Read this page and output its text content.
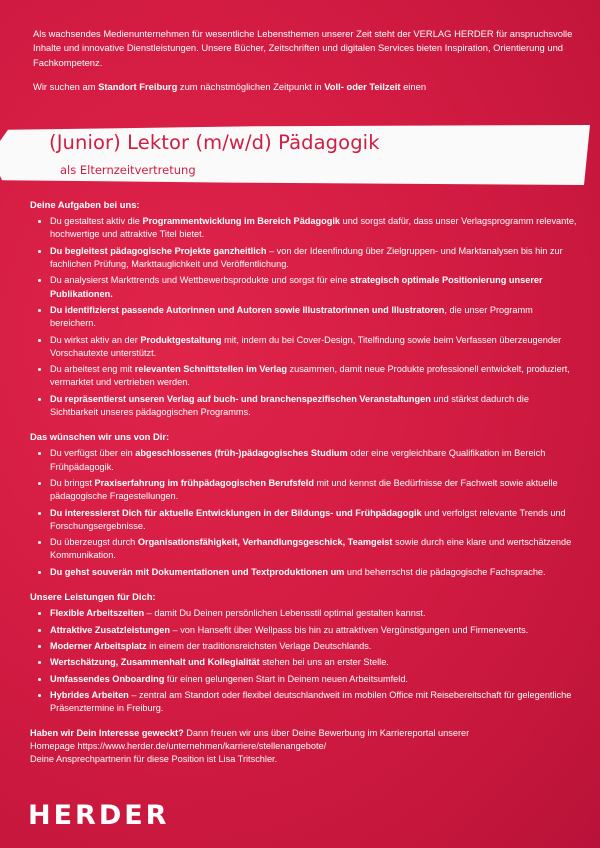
Als wachsendes Medienunternehmen für wesentliche Lebensthemen unserer Zeit steht der VERLAG HERDER für anspruchsvolle Inhalte und innovative Dienstleistungen. Unsere Bücher, Zeitschriften und digitalen Services bieten Inspiration, Orientierung und Fachkompetenz.

Wir suchen am Standort Freiburg zum nächstmöglichen Zeitpunkt in Voll- oder Teilzeit einen

(Junior) Lektor (m/w/d) Pädagogik
als Elternzeitvertretung
Deine Aufgaben bei uns:
• Du gestaltest aktiv die Programmentwicklung im Bereich Pädagogik und sorgst dafür, dass unser Verlagsprogramm relevante, hochwertige und attraktive Titel bietet.
• Du begleitest pädagogische Projekte ganzheitlich – von der Ideenfindung über Zielgruppen- und Marktanalysen bis hin zur fachlichen Prüfung, Markttauglichkeit und Veröffentlichung.
• Du analysierst Markttrends und Wettbewerbsprodukte und sorgst für eine strategisch optimale Positionierung unserer Publikationen.
• Du identifizierst passende Autorinnen und Autoren sowie Illustratorinnen und Illustratoren, die unser Programm bereichern.
• Du wirkst aktiv an der Produktgestaltung mit, indem du bei Cover-Design, Titelfindung sowie beim Verfassen überzeugender Vorschautexte unterstützt.
• Du arbeitest eng mit relevanten Schnittstellen im Verlag zusammen, damit neue Produkte professionell entwickelt, produziert, vermarktet und vertrieben werden.
• Du repräsentierst unseren Verlag auf buch- und branchenspezifischen Veranstaltungen und stärkst dadurch die Sichtbarkeit unseres pädagogischen Programms.
Das wünschen wir uns von Dir:
• Du verfügst über ein abgeschlossenes (früh-)pädagogisches Studium oder eine vergleichbare Qualifikation im Bereich Frühpädagogik.
• Du bringst Praxiserfahrung im frühpädagogischen Berufsfeld mit und kennst die Bedürfnisse der Fachwelt sowie aktuelle pädagogische Fragestellungen.
• Du interessierst Dich für aktuelle Entwicklungen in der Bildungs- und Frühpädagogik und verfolgst relevante Trends und Forschungsergebnisse.
• Du überzeugst durch Organisationsfähigkeit, Verhandlungsgeschick, Teamgeist sowie durch eine klare und wertschätzende Kommunikation.
• Du gehst souverän mit Dokumentationen und Textproduktionen um und beherrschst die pädagogische Fachsprache.
Unsere Leistungen für Dich:
• Flexible Arbeitszeiten – damit Du Deinen persönlichen Lebensstil optimal gestalten kannst.
• Attraktive Zusatzleistungen – von Hansefit über Wellpass bis hin zu attraktiven Vergünstigungen und Firmenevents.
• Moderner Arbeitsplatz in einem der traditionsreichsten Verlage Deutschlands.
• Wertschätzung, Zusammenhalt und Kollegialität stehen bei uns an erster Stelle.
• Umfassendes Onboarding für einen gelungenen Start in Deinem neuen Arbeitsumfeld.
• Hybrides Arbeiten – zentral am Standort oder flexibel deutschlandweit im mobilen Office mit Reisebereitschaft für gelegentliche Präsenztermine in Freiburg.

Haben wir Dein Interesse geweckt? Dann freuen wir uns über Deine Bewerbung im Karriereportal unserer

Homepage https://www.herder.de/unternehmen/karriere/stellenangebote/

Deine Ansprechpartnerin für diese Position ist Lisa Tritschler.

HERDER
